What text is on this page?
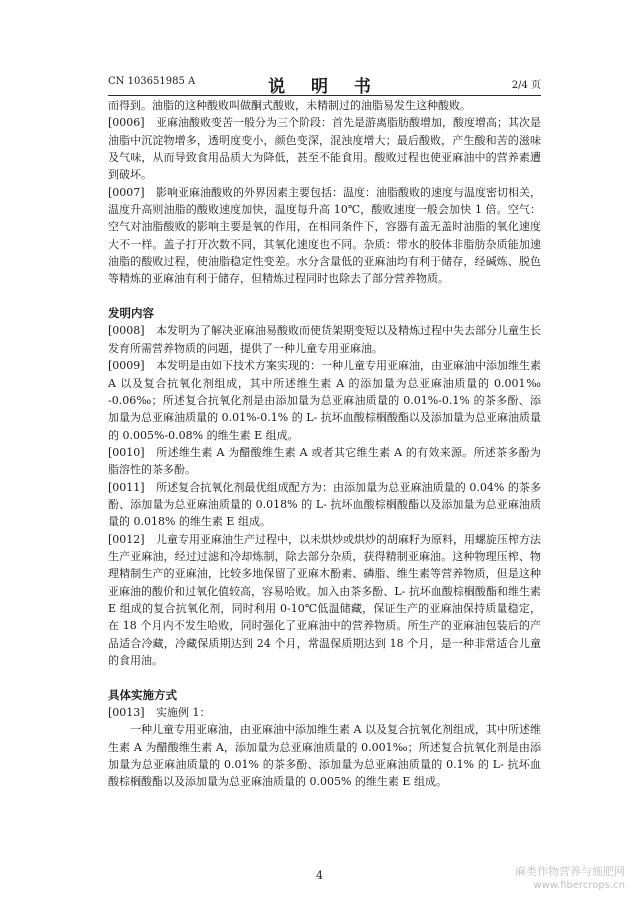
CN 103651985 A	说 明 书	2/4 页

而得到。油脂的这种酸败叫做酮式酸败，未精制过的油脂易发生这种酸败。

[0006] 亚麻油酸败变苦一般分为三个阶段：首先是游离脂肪酸增加，酸度增高；其次是油脂中沉淀物增多，透明度变小，颜色变深，混浊度增大；最后酸败，产生酸和苦的滋味及气味，从而导致食用品质大为降低，甚至不能食用。酸败过程也使亚麻油中的营养素遭到破坏。

[0007] 影响亚麻油酸败的外界因素主要包括：温度：油脂酸败的速度与温度密切相关，温度升高则油脂的酸败速度加快，温度每升高 10℃，酸败速度一般会加快 1 倍。空气：空气对油脂酸败的影响主要是氧的作用，在相同条件下，容器有盖无盖时油脂的氧化速度大不一样。盖子打开次数不同，其氧化速度也不同。杂质：带水的胶体非脂肪杂质能加速油脂的酸败过程，使油脂稳定性变差。水分含量低的亚麻油均有利于储存，经碱炼、脱色等精炼的亚麻油有利于储存，但精炼过程同时也除去了部分营养物质。

发明内容

[0008] 本发明为了解决亚麻油易酸败而使货架期变短以及精炼过程中失去部分儿童生长发育所需营养物质的问题，提供了一种儿童专用亚麻油。

[0009] 本发明是由如下技术方案实现的：一种儿童专用亚麻油，由亚麻油中添加维生素 A 以及复合抗氧化剂组成，其中所述维生素 A 的添加量为总亚麻油质量的 0.001‰ -0.06‰；所述复合抗氧化剂是由添加量为总亚麻油质量的 0.01%-0.1% 的茶多酚、添加量为总亚麻油质量的 0.01%-0.1% 的 L- 抗坏血酸棕榈酸酯以及添加量为总亚麻油质量的 0.005%-0.08% 的维生素 E 组成。

[0010] 所述维生素 A 为醋酸维生素 A 或者其它维生素 A 的有效来源。所述茶多酚为脂溶性的茶多酚。

[0011] 所述复合抗氧化剂最优组成配方为：由添加量为总亚麻油质量的 0.04% 的茶多酚、添加量为总亚麻油质量的 0.018% 的 L- 抗坏血酸棕榈酸酯以及添加量为总亚麻油质量的 0.018% 的维生素 E 组成。

[0012] 儿童专用亚麻油生产过程中，以未烘炒或烘炒的胡麻籽为原料，用螺旋压榨方法生产亚麻油，经过过滤和冷却炼制，除去部分杂质，获得精制亚麻油。这种物理压榨、物理精制生产的亚麻油，比较多地保留了亚麻木酚素、磷脂、维生素等营养物质，但是这种亚麻油的酸价和过氧化值较高，容易哈败。加入由茶多酚、L- 抗坏血酸棕榈酸酯和维生素 E 组成的复合抗氧化剂，同时利用 0-10℃低温储藏，保证生产的亚麻油保持质量稳定，在 18 个月内不发生哈败，同时强化了亚麻油中的营养物质。所生产的亚麻油包装后的产品适合冷藏，冷藏保质期达到 24 个月，常温保质期达到 18 个月，是一种非常适合儿童的食用油。

具体实施方式

[0013] 实施例 1：

一种儿童专用亚麻油，由亚麻油中添加维生素 A 以及复合抗氧化剂组成，其中所述维生素 A 为醋酸维生素 A，添加量为总亚麻油质量的 0.001‰；所述复合抗氧化剂是由添加量为总亚麻油质量的 0.01% 的茶多酚、添加量为总亚麻油质量的 0.1% 的 L- 抗坏血酸棕榈酸酯以及添加量为总亚麻油质量的 0.005% 的维生素 E 组成。

4	麻类作物营养与施肥网
www.fibercrops.cn
